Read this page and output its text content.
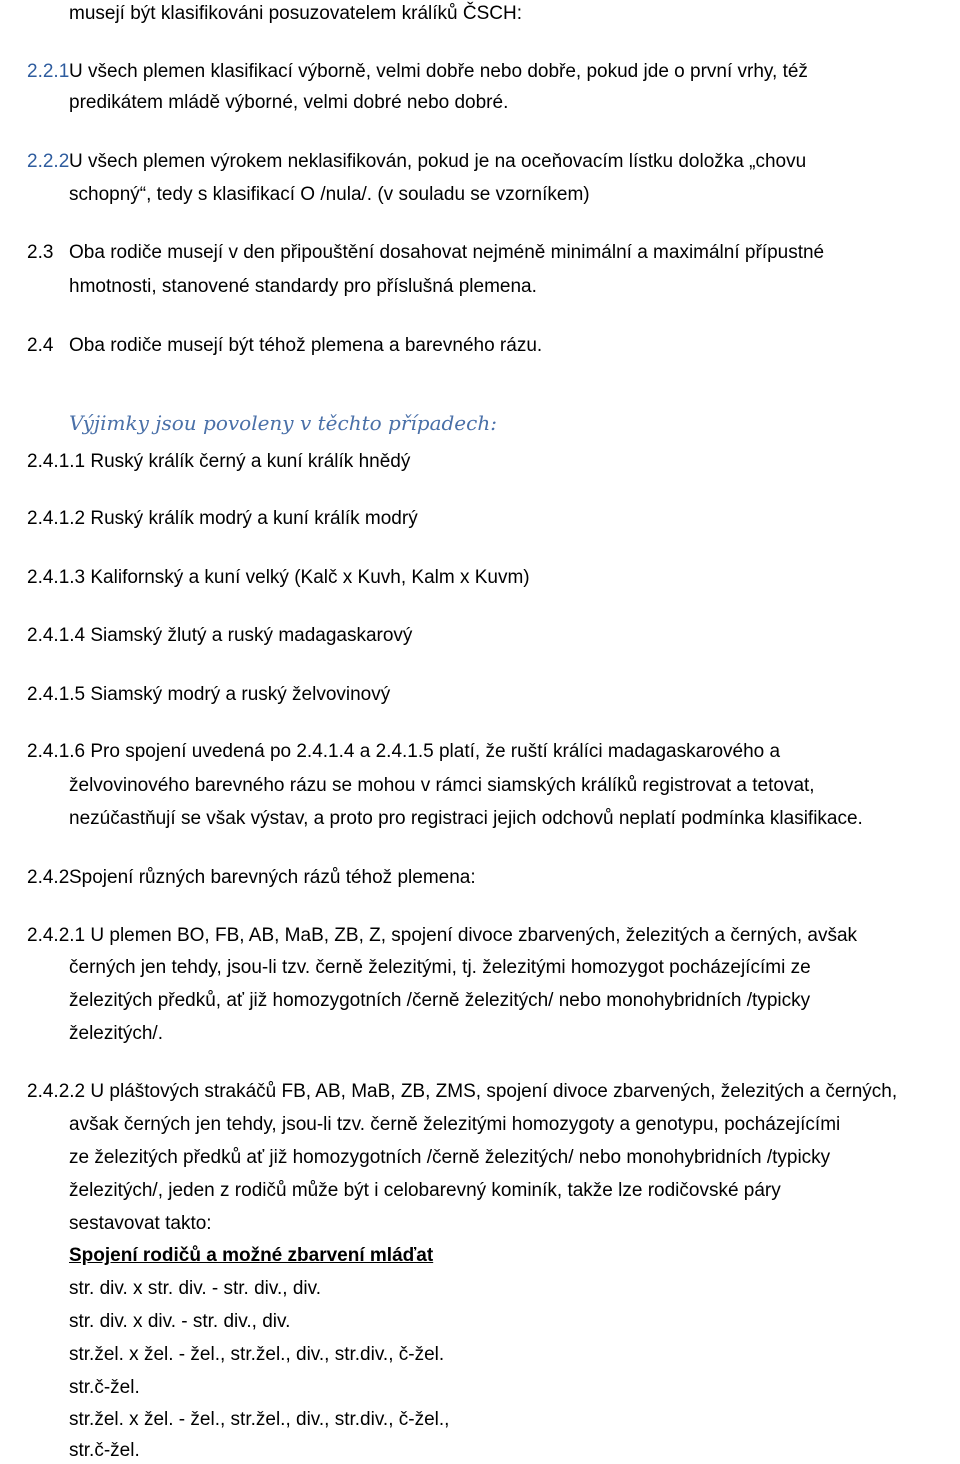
musejí být klasifikováni posuzovatelem králíků ČSCH:
2.2.1 U všech plemen klasifikací výborně, velmi dobře nebo dobře, pokud jde o první vrhy, též
predikátem mládě výborné, velmi dobré nebo dobré.
2.2.2 U všech plemen výrokem neklasifikován, pokud je na oceňovacím lístku doložka „chovu
schopný“, tedy s klasifikací O /nula/. (v souladu se vzorníkem)
2.3 Oba rodiče musejí v den připouštění dosahovat nejméně minimální a maximální přípustné
hmotnosti, stanovené standardy pro příslušná plemena.
2.4 Oba rodiče musejí být téhož plemena a barevného rázu.
Výjimky jsou povoleny v těchto případech:
2.4.1.1 Ruský králík černý a kuní králík hnědý
2.4.1.2 Ruský králík modrý a kuní králík modrý
2.4.1.3 Kalifornský a kuní velký (Kalč x Kuvh, Kalm x Kuvm)
2.4.1.4 Siamský žlutý a ruský madagaskarový
2.4.1.5 Siamský modrý a ruský želvovinový
2.4.1.6 Pro spojení uvedená po 2.4.1.4 a 2.4.1.5 platí, že ruští králíci madagaskarového a
želvovinového barevného rázu se mohou v rámci siamských králíků registrovat a tetovat,
nezúčastňují se však výstav, a proto pro registraci jejich odchovů neplatí podmínka klasifikace.
2.4.2 Spojení různých barevných rázů téhož plemena:
2.4.2.1 U plemen BO, FB, AB, MaB, ZB, Z, spojení divoce zbarvených, železitých a černých, avšak
černých jen tehdy, jsou-li tzv. černě železitými, tj. železitými homozygot pocházejícími ze
železitých předků, ať již homozygotních /černě železitých/ nebo monohybridních /typicky
železitých/.
2.4.2.2 U pláštových strakáčů FB, AB, MaB, ZB, ZMS, spojení divoce zbarvených, železitých a černých,
avšak černých jen tehdy, jsou-li tzv. černě železitými homozygoty a genotypu, pocházejícími
ze železitých předků ať již homozygotních /černě železitých/ nebo monohybridních /typicky
železitých/, jeden z rodičů může být i celobarevný kominík, takže lze rodičovské páry
sestavovat takto:
Spojení rodičů a možné zbarvení mláďat
str. div. x str. div. - str. div., div.
str. div. x div. - str. div., div.
str.žel. x žel. - žel., str.žel., div., str.div., č-žel.
str.č-žel.
str.žel. x žel. - žel., str.žel., div., str.div., č-žel.,
str.č-žel.
